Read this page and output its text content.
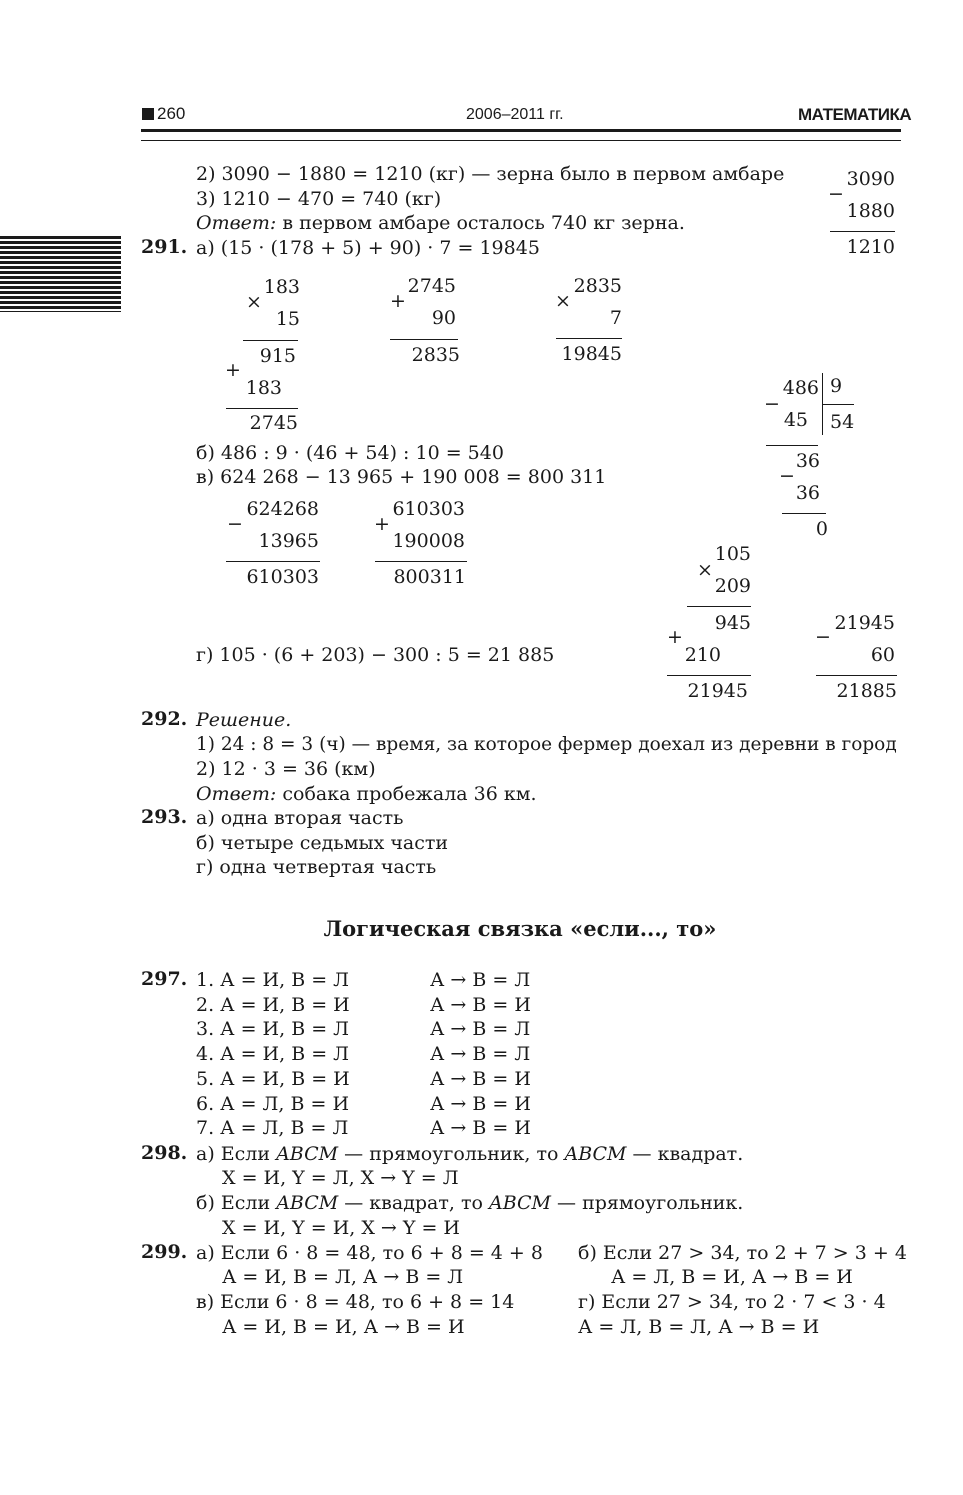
260	2006–2011 гг.	МАТЕМАТИКА
2) 3090 − 1880 = 1210 (кг) — зерна было в первом амбаре
3) 1210 − 470 = 740 (кг)
Ответ: в первом амбаре осталось 740 кг зерна.
3090
−
1880
1210
291. а) (15 · (178 + 5) + 90) · 7 = 19845
183
×
15
915
+
183
2745
2745
+
90
2835
2835
×
7
19845
486 9
54
−
45
36
−
36
0
б) 486 : 9 · (46 + 54) : 10 = 540
в) 624 268 − 13 965 + 190 008 = 800 311
624268
−
13965
610303
610303
+
190008
800311
105
×
209
945
+
210
21945
21945
−
60
21885
г) 105 · (6 + 203) − 300 : 5 = 21 885
292. Решение.
1) 24 : 8 = 3 (ч) — время, за которое фермер доехал из деревни в город
2) 12 · 3 = 36 (км)
Ответ: собака пробежала 36 км.
293. а) одна вторая часть
б) четыре седьмых части
г) одна четвертая часть
Логическая связка «если..., то»
297. 1. А = И, В = Л	А → В = Л
2. А = И, В = И	А → В = И
3. А = И, В = Л	А → В = Л
4. А = И, В = Л	А → В = Л
5. А = И, В = И	А → В = И
6. А = Л, В = И	А → В = И
7. А = Л, В = Л	А → В = И
298. а) Если ABCM — прямоугольник, то ABCM — квадрат.
X = И, Y = Л, X → Y = Л
б) Если ABCM — квадрат, то ABCM — прямоугольник.
X = И, Y = И, X → Y = И
299. а) Если 6 · 8 = 48, то 6 + 8 = 4 + 8
А = И, В = Л, А → В = Л
б) Если 27 > 34, то 2 + 7 > 3 + 4
А = Л, В = И, А → В = И
в) Если 6 · 8 = 48, то 6 + 8 = 14
А = И, В = И, А → В = И
г) Если 27 > 34, то 2 · 7 < 3 · 4
А = Л, В = Л, А → В = И
